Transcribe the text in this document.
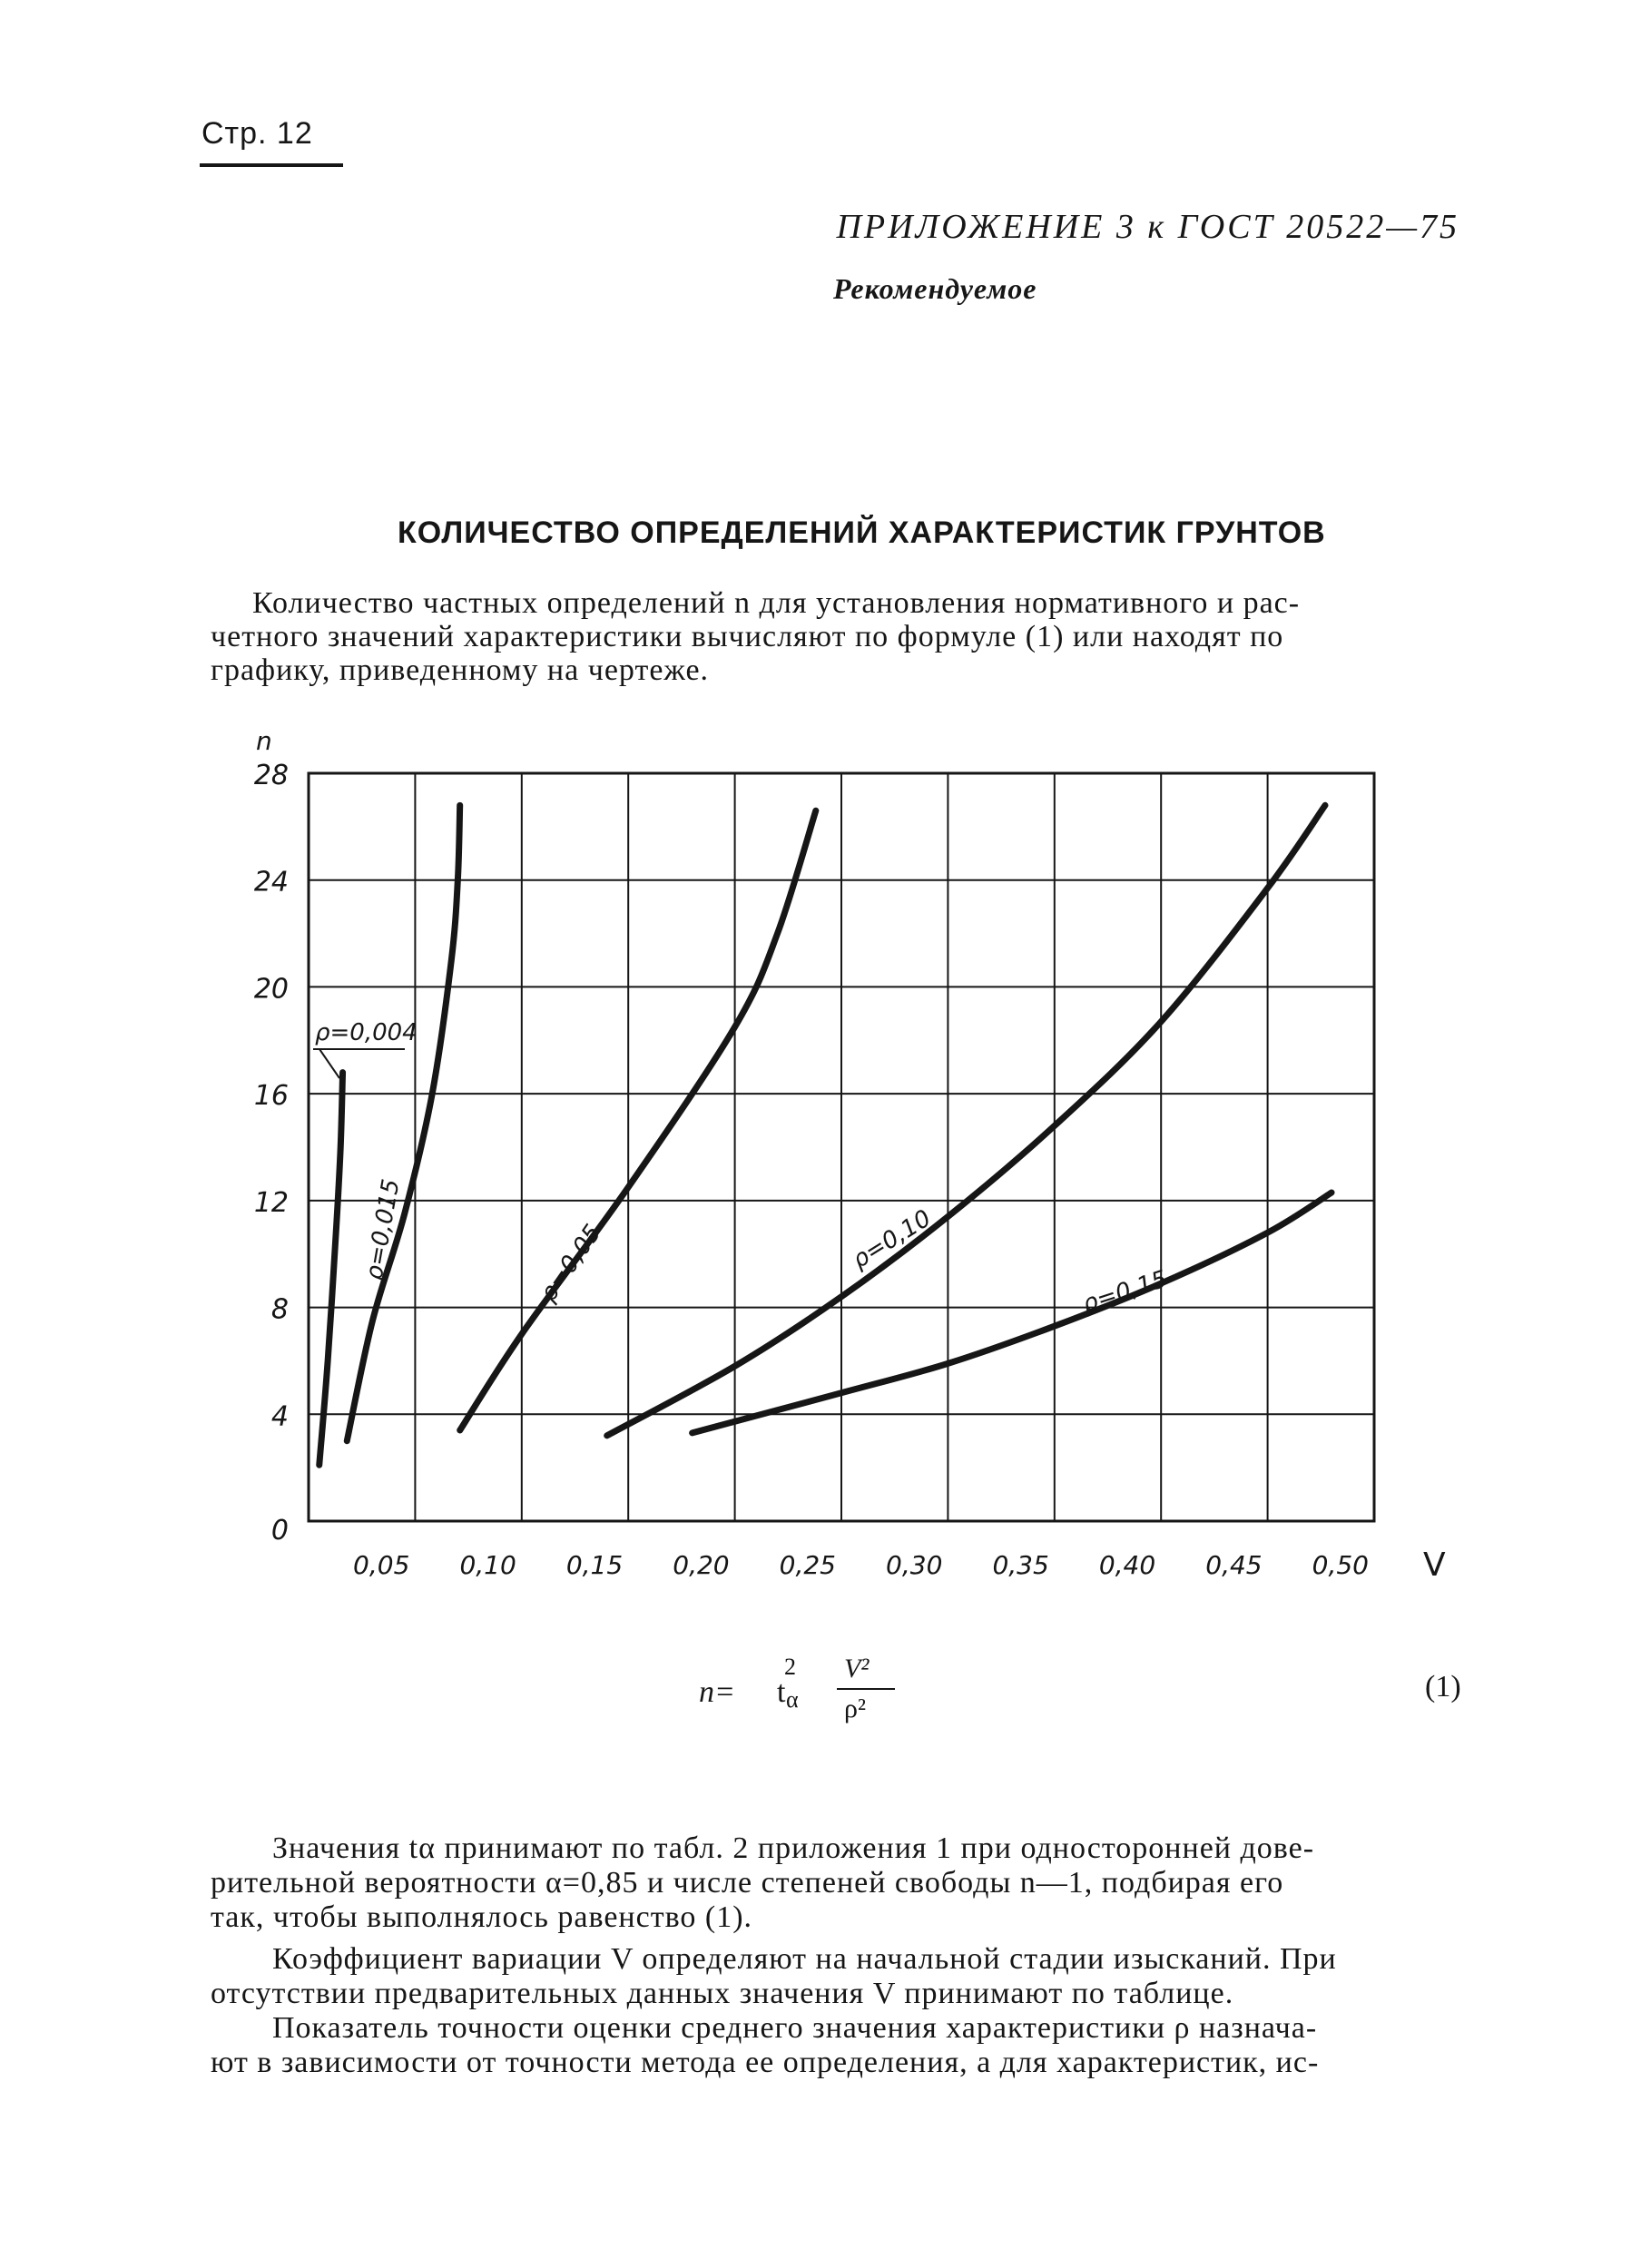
Стр. 12
ПРИЛОЖЕНИЕ 3 к ГОСТ 20522—75
Рекомендуемое
КОЛИЧЕСТВО ОПРЕДЕЛЕНИЙ ХАРАКТЕРИСТИК ГРУНТОВ
Количество частных определений n для установления нормативного и рас-
четного значений характеристики вычисляют по формуле (1) или находят по
графику, приведенному на чертеже.
0,05 0,10 0,15 0,20 0,25 0,30 0,35 0,40 0,45 0,50
0
4
8
12
16
20
24
28
V
n
ρ=0,004
ρ=0,015	ρ=0,05	ρ=0,10
ρ=0,15
n= t
2
α
V²
ρ²
(1)
Значения tα принимают по табл. 2 приложения 1 при односторонней дове-
рительной вероятности α=0,85 и числе степеней свободы n—1, подбирая его
так, чтобы выполнялось равенство (1).
Коэффициент вариации V определяют на начальной стадии изысканий. При
отсутствии предварительных данных значения V принимают по таблице.
Показатель точности оценки среднего значения характеристики ρ назнача-
ют в зависимости от точности метода ее определения, а для характеристик, ис-
